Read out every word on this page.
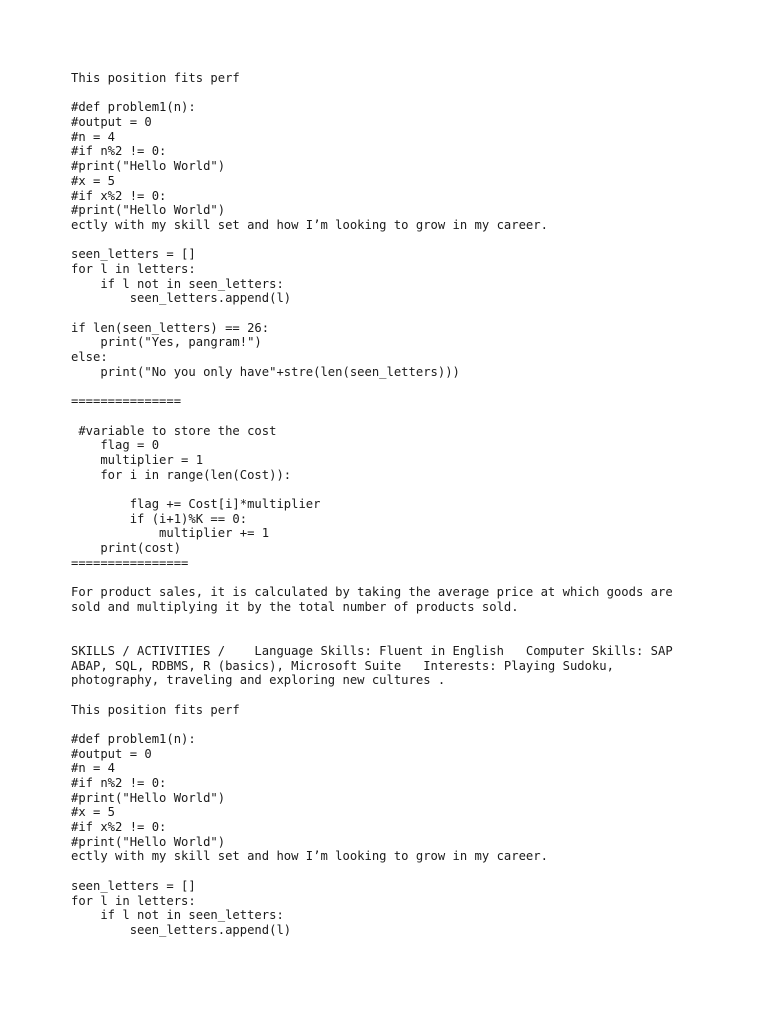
This position fits perf
#def problem1(n):
#output = 0
#n = 4
#if n%2 != 0:
#print("Hello World")
#x = 5
#if x%2 != 0:
#print("Hello World")
ectly with my skill set and how I’m looking to grow in my career.
seen_letters = []
for l in letters:
if l not in seen_letters:
seen_letters.append(l)
if len(seen_letters) == 26:
print("Yes, pangram!")
else:
print("No you only have"+stre(len(seen_letters)))
===============
#variable to store the cost
flag = 0
multiplier = 1
for i in range(len(Cost)):
flag += Cost[i]*multiplier
if (i+1)%K == 0:
multiplier += 1
print(cost)
================
For product sales, it is calculated by taking the average price at which goods are
sold and multiplying it by the total number of products sold.
SKILLS / ACTIVITIES /    Language Skills: Fluent in English   Computer Skills: SAP
ABAP, SQL, RDBMS, R (basics), Microsoft Suite   Interests: Playing Sudoku,
photography, traveling and exploring new cultures .
This position fits perf
#def problem1(n):
#output = 0
#n = 4
#if n%2 != 0:
#print("Hello World")
#x = 5
#if x%2 != 0:
#print("Hello World")
ectly with my skill set and how I’m looking to grow in my career.
seen_letters = []
for l in letters:
if l not in seen_letters:
seen_letters.append(l)
